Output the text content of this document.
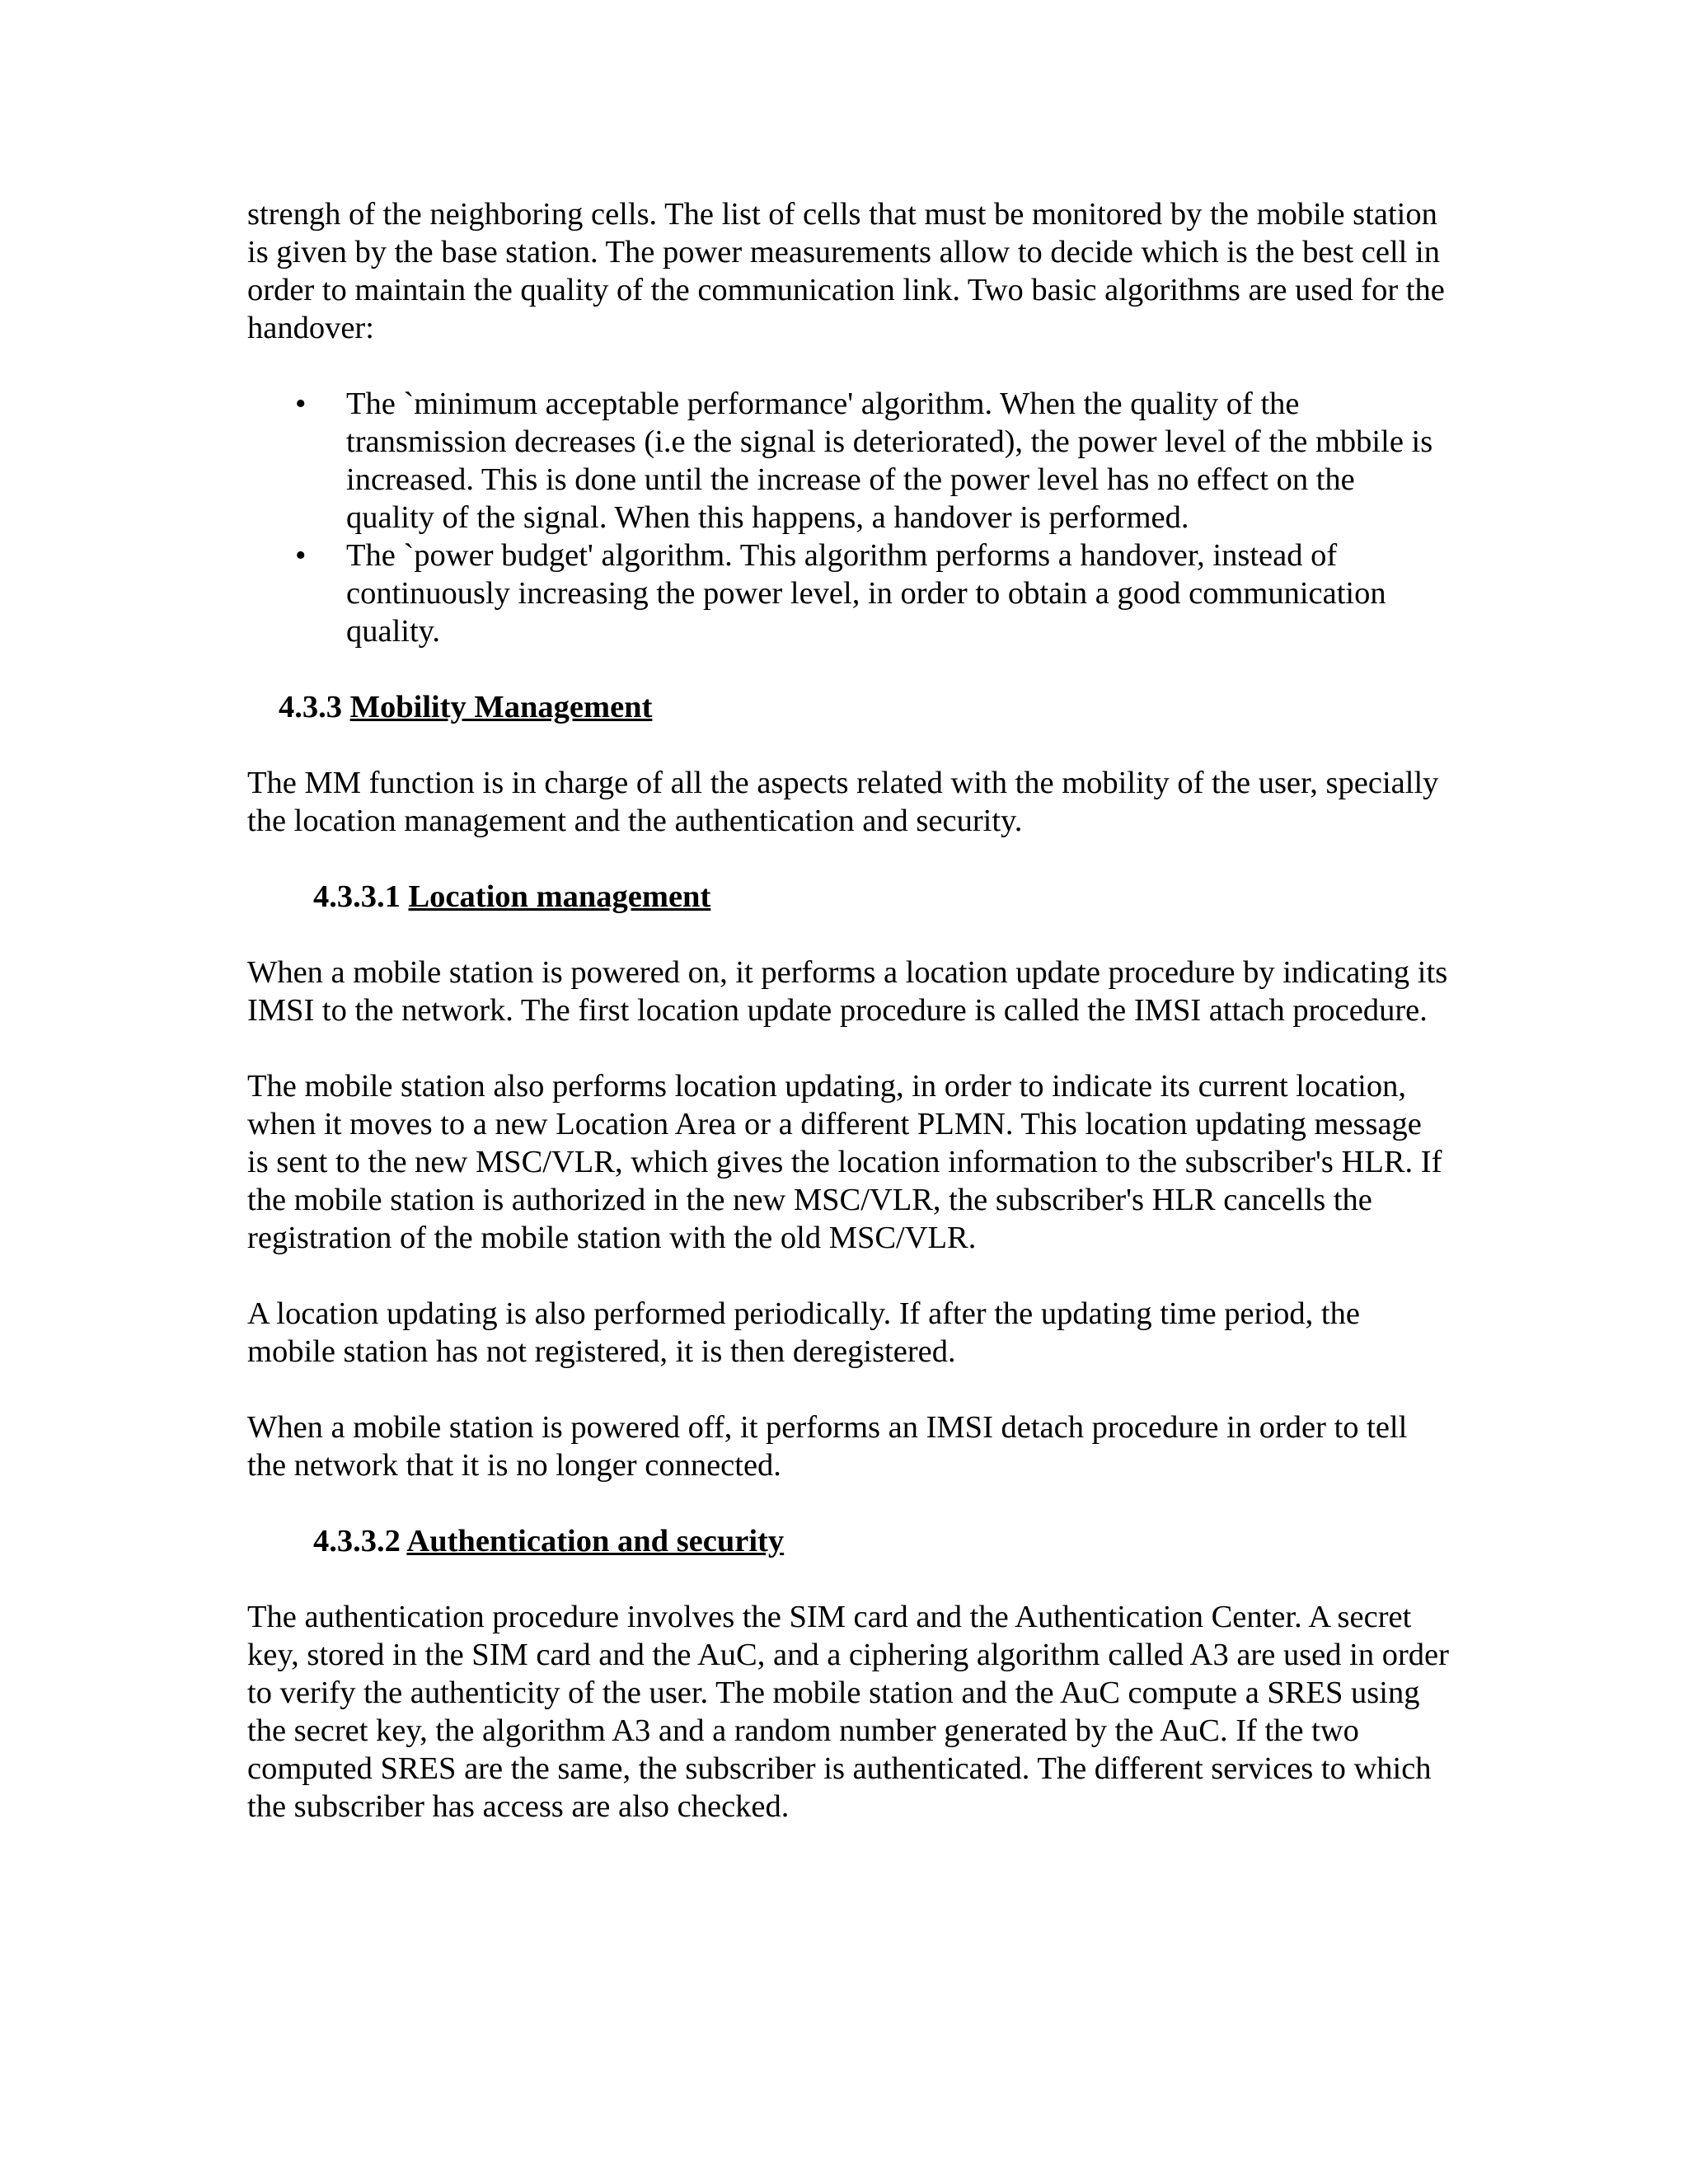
strengh of the neighboring cells. The list of cells that must be monitored by the mobile station is given by the base station. The power measurements allow to decide which is the best cell in order to maintain the quality of the communication link. Two basic algorithms are used for the handover:

• The `minimum acceptable performance' algorithm. When the quality of the transmission decreases (i.e the signal is deteriorated), the power level of the mbbile is increased. This is done until the increase of the power level has no effect on the quality of the signal. When this happens, a handover is performed.
• The `power budget' algorithm. This algorithm performs a handover, instead of continuously increasing the power level, in order to obtain a good communication quality.
4.3.3 Mobility Management

The MM function is in charge of all the aspects related with the mobility of the user, specially the location management and the authentication and security.

4.3.3.1 Location management

When a mobile station is powered on, it performs a location update procedure by indicating its IMSI to the network. The first location update procedure is called the IMSI attach procedure.

The mobile station also performs location updating, in order to indicate its current location, when it moves to a new Location Area or a different PLMN. This location updating message is sent to the new MSC/VLR, which gives the location information to the subscriber's HLR. If the mobile station is authorized in the new MSC/VLR, the subscriber's HLR cancells the registration of the mobile station with the old MSC/VLR.

A location updating is also performed periodically. If after the updating time period, the mobile station has not registered, it is then deregistered.

When a mobile station is powered off, it performs an IMSI detach procedure in order to tell the network that it is no longer connected.

4.3.3.2 Authentication and security

The authentication procedure involves the SIM card and the Authentication Center. A secret key, stored in the SIM card and the AuC, and a ciphering algorithm called A3 are used in order to verify the authenticity of the user. The mobile station and the AuC compute a SRES using the secret key, the algorithm A3 and a random number generated by the AuC. If the two computed SRES are the same, the subscriber is authenticated. The different services to which the subscriber has access are also checked.
